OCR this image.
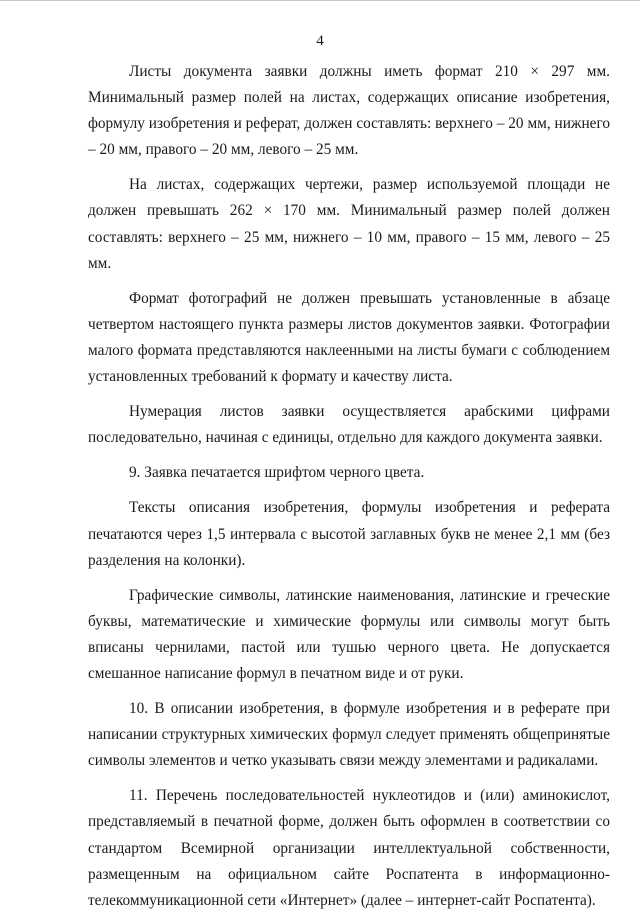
4

Листы документа заявки должны иметь формат 210 × 297 мм. Минимальный размер полей на листах, содержащих описание изобретения, формулу изобретения и реферат, должен составлять: верхнего – 20 мм, нижнего – 20 мм, правого – 20 мм, левого – 25 мм.

На листах, содержащих чертежи, размер используемой площади не должен превышать 262 × 170 мм. Минимальный размер полей должен составлять: верхнего – 25 мм, нижнего – 10 мм, правого – 15 мм, левого – 25 мм.

Формат фотографий не должен превышать установленные в абзаце четвертом настоящего пункта размеры листов документов заявки. Фотографии малого формата представляются наклеенными на листы бумаги с соблюдением установленных требований к формату и качеству листа.

Нумерация листов заявки осуществляется арабскими цифрами последовательно, начиная с единицы, отдельно для каждого документа заявки.

9. Заявка печатается шрифтом черного цвета.

Тексты описания изобретения, формулы изобретения и реферата печатаются через 1,5 интервала с высотой заглавных букв не менее 2,1 мм (без разделения на колонки).

Графические символы, латинские наименования, латинские и греческие буквы, математические и химические формулы или символы могут быть вписаны чернилами, пастой или тушью черного цвета. Не допускается смешанное написание формул в печатном виде и от руки.

10. В описании изобретения, в формуле изобретения и в реферате при написании структурных химических формул следует применять общепринятые символы элементов и четко указывать связи между элементами и радикалами.

11. Перечень последовательностей нуклеотидов и (или) аминокислот, представляемый в печатной форме, должен быть оформлен в соответствии со стандартом Всемирной организации интеллектуальной собственности, размещенным на официальном сайте Роспатента в информационно-телекоммуникационной сети «Интернет» (далее – интернет-сайт Роспатента).
